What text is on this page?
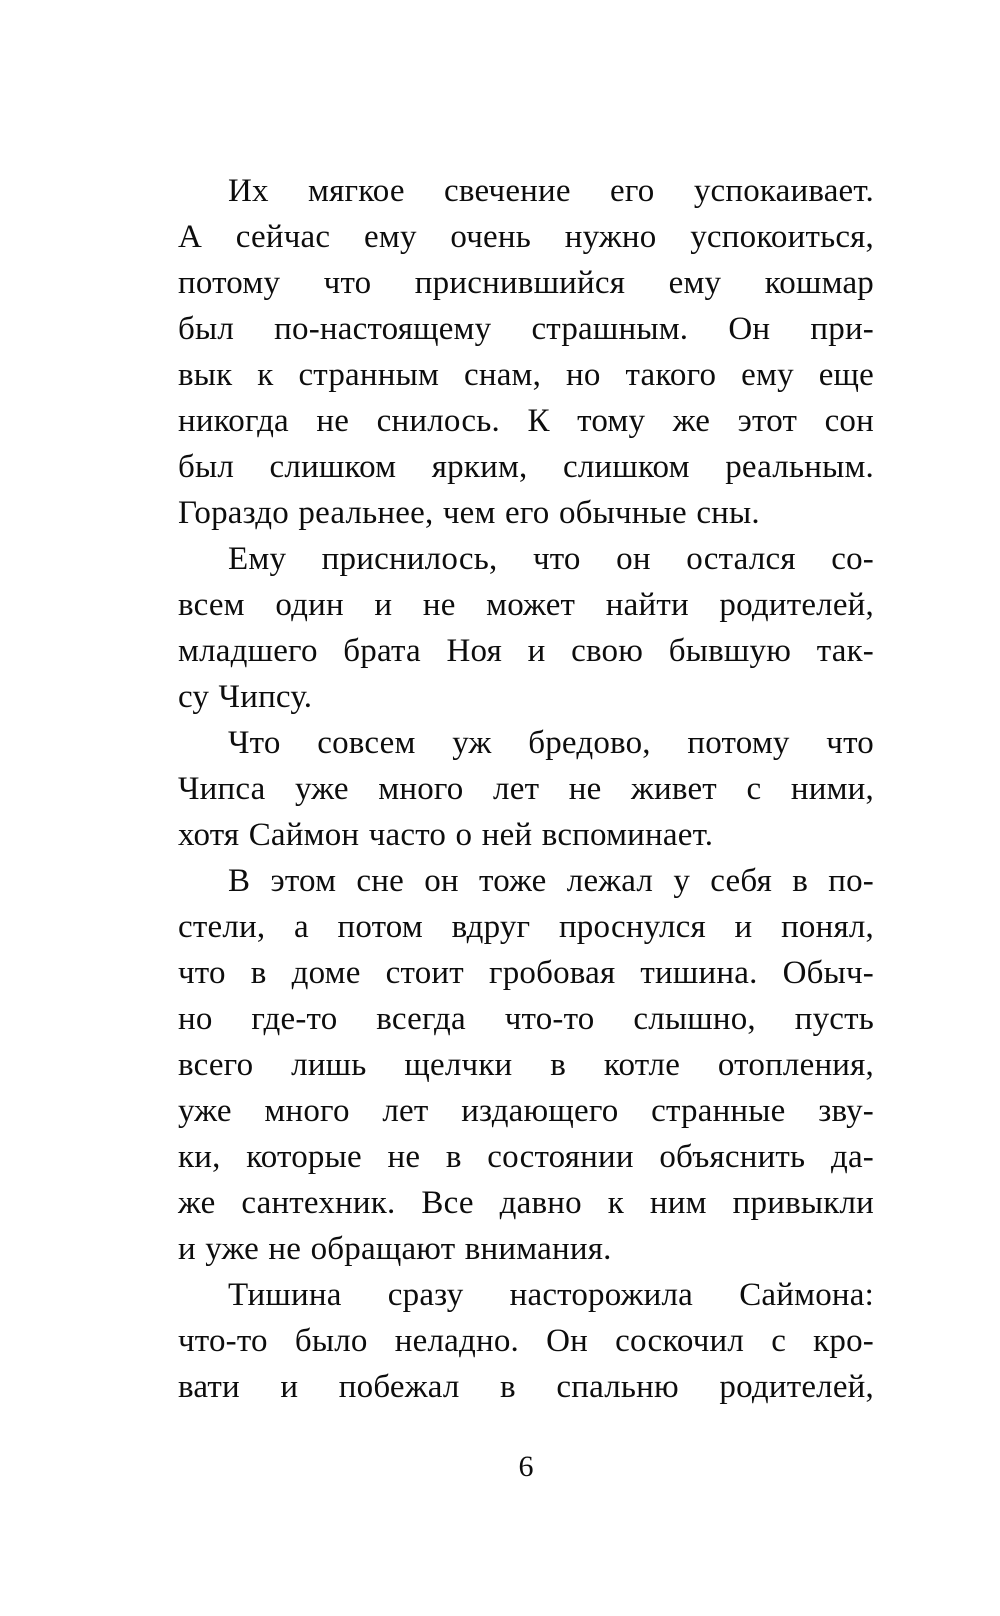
Их мягкое свечение его успокаивает.
А сейчас ему очень нужно успокоиться,
потому что приснившийся ему кошмар
был по-настоящему страшным. Он при-
вык к странным снам, но такого ему еще
никогда не снилось. К тому же этот сон
был слишком ярким, слишком реальным.
Гораздо реальнее, чем его обычные сны.
Ему приснилось, что он остался со-
всем один и не может найти родителей,
младшего брата Ноя и свою бывшую так-
су Чипсу.
Что совсем уж бредово, потому что
Чипса уже много лет не живет с ними,
хотя Саймон часто о ней вспоминает.
В этом сне он тоже лежал у себя в по-
стели, а потом вдруг проснулся и понял,
что в доме стоит гробовая тишина. Обыч-
но где-то всегда что-то слышно, пусть
всего лишь щелчки в котле отопления,
уже много лет издающего странные зву-
ки, которые не в состоянии объяснить да-
же сантехник. Все давно к ним привыкли
и уже не обращают внимания.
Тишина сразу насторожила Саймона:
что-то было неладно. Он соскочил с кро-
вати и побежал в спальню родителей,
6
